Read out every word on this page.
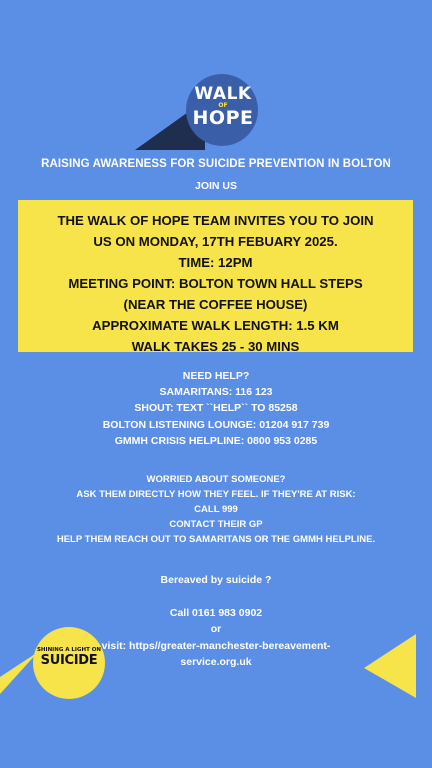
WALK
OF
HOPE
RAISING AWARENESS FOR SUICIDE PREVENTION IN BOLTON
JOIN US
THE WALK OF HOPE TEAM INVITES YOU TO JOIN
US ON MONDAY, 17TH FEBUARY 2025.
TIME: 12PM
MEETING POINT: BOLTON TOWN HALL STEPS
(NEAR THE COFFEE HOUSE)
APPROXIMATE WALK LENGTH: 1.5 KM
WALK TAKES 25 - 30 MINS
NEED HELP?
SAMARITANS: 116 123
SHOUT: TEXT ``HELP`` TO 85258
BOLTON LISTENING LOUNGE: 01204 917 739
GMMH CRISIS HELPLINE: 0800 953 0285
WORRIED ABOUT SOMEONE?
ASK THEM DIRECTLY HOW THEY FEEL. IF THEY'RE AT RISK:
CALL 999
CONTACT THEIR GP
HELP THEM REACH OUT TO SAMARITANS OR THE GMMH HELPLINE.
Bereaved by suicide ?
Call 0161 983 0902
or
visit: https//greater-manchester-bereavement-
service.org.uk
SHINING A LIGHT ON
SUICIDE
